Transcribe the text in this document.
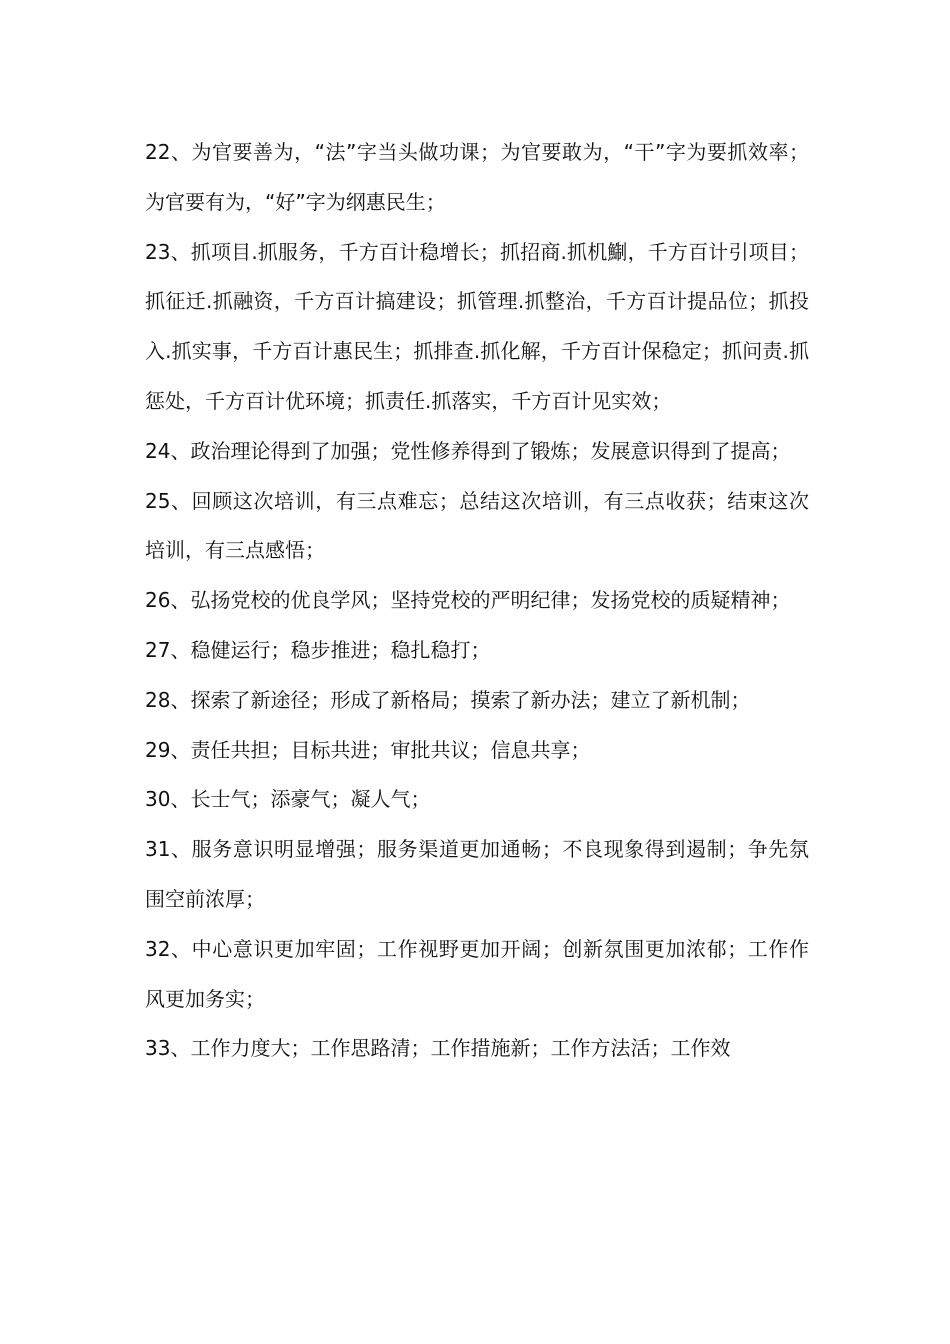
22、为官要善为，“法”字当头做功课；为官要敢为，“干”字为要抓效率；为官要有为，“好”字为纲惠民生；

23、抓项目.抓服务，千方百计稳增长；抓招商.抓机鯯，千方百计引项目；抓征迁.抓融资，千方百计搞建设；抓管理.抓整治，千方百计提品位；抓投入.抓实事，千方百计惠民生；抓排查.抓化解，千方百计保稳定；抓问责.抓惩处，千方百计优环境；抓责任.抓落实，千方百计见实效；

24、政治理论得到了加强；党性修养得到了锻炼；发展意识得到了提高；

25、回顾这次培训，有三点难忘；总结这次培训，有三点收获；结束这次培训，有三点感悟；

26、弘扬党校的优良学风；坚持党校的严明纪律；发扬党校的质疑精神；

27、稳健运行；稳步推进；稳扎稳打；

28、探索了新途径；形成了新格局；摸索了新办法；建立了新机制；

29、责任共担；目标共进；审批共议；信息共享；

30、长士气；添豪气；凝人气；

31、服务意识明显增强；服务渠道更加通畅；不良现象得到遏制；争先氛围空前浓厚；

32、中心意识更加牢固；工作视野更加开阔；创新氛围更加浓郁；工作作风更加务实；

33、工作力度大；工作思路清；工作措施新；工作方法活；工作效
